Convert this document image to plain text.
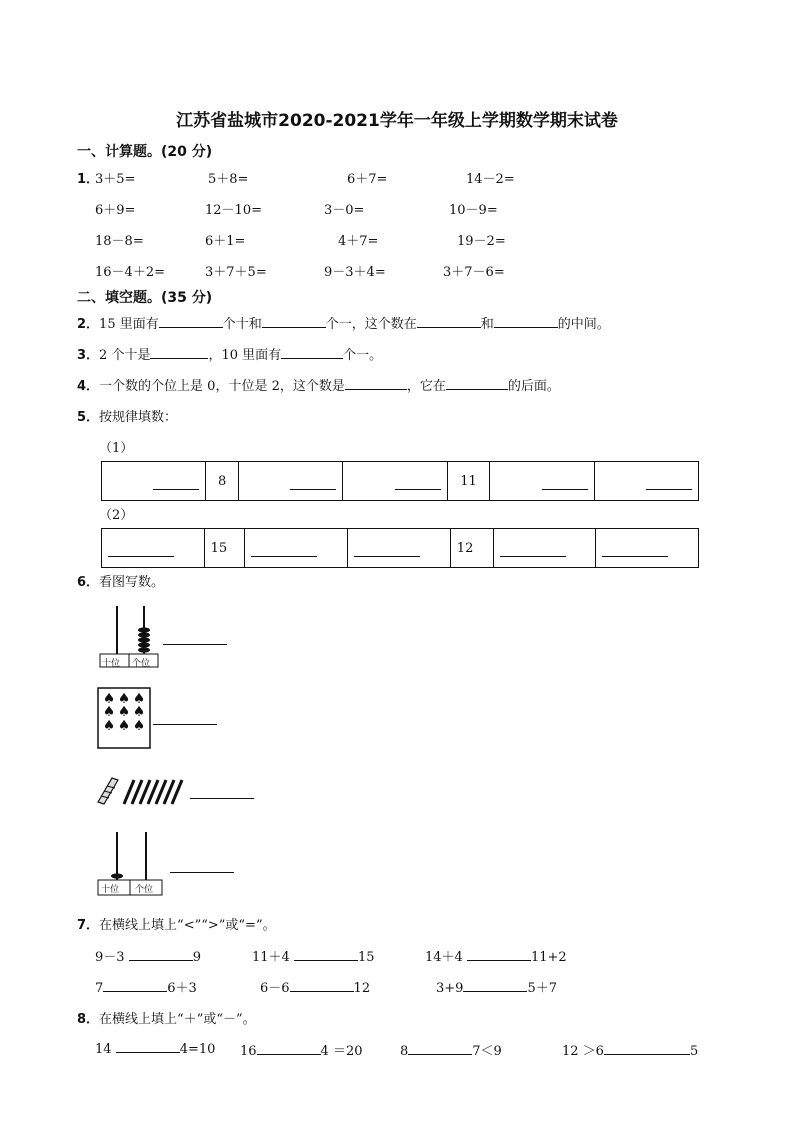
江苏省盐城市2020-2021学年一年级上学期数学期末试卷
一、计算题。(20 分)
1．
3＋5=	5＋8=	6＋7=	14－2=
6＋9=	12－10=	3－0=	10－9=
18－8=	6＋1=	4＋7=	19－2=
16－4＋2=	3＋7＋5=	9－3＋4=	3＋7－6=
二、填空题。(35 分)
2．15 里面有	个十和	个一，这个数在	和	的中间。
3．2 个十是	，10 里面有	个一。
4．一个数的个位上是 0，十位是 2，这个数是	，它在	的后面。
5．按规律填数：
（1）
	8			11		
（2）
	15			12		
6．看图写数。
十位 个位
♠ ♠ ♠
♠ ♠ ♠
♠ ♠ ♠
十位 个位
7．在横线上填上“<”“>”或“=”。
9－3	9	11＋4	15	14＋4	11+2
7	6＋3	6－6	12	3+9	5＋7
8．在横线上填上“＋”或“－”。
14	4=10 16	4 ＝20	8	7＜9	12 ＞6	5
